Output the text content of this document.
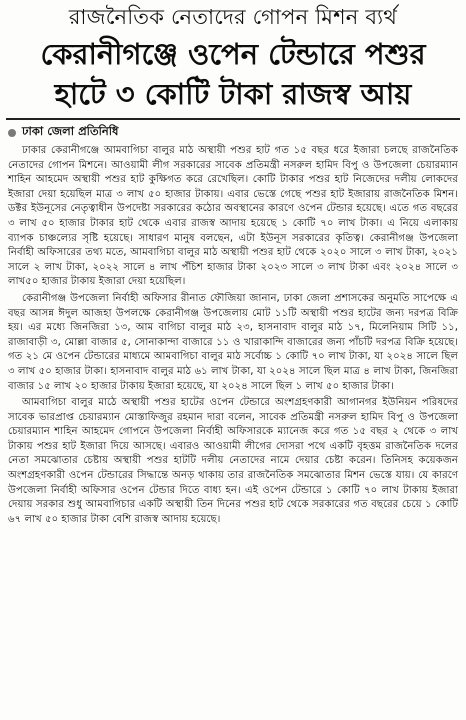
রাজনৈতিক নেতাদের গোপন মিশন ব্যর্থ
কেরানীগঞ্জে ওপেন টেন্ডারে পশুর
হাটে ৩ কোটি টাকা রাজস্ব আয়
ঢাকা জেলা প্রতিনিধি

ঢাকার কেরানীগঞ্জে আমবাগিচা বালুর মাঠ অস্থায়ী পশুর হাট গত ১৫ বছর ধরে ইজারা চলছে রাজনৈতিক নেতাদের গোপন মিশনে। আওয়ামী লীগ সরকারের সাবেক প্রতিমন্ত্রী নসরুল হামিদ বিপু ও উপজেলা চেয়ারম্যান শাহিন আহমেদ অস্থায়ী পশুর হাট কুক্ষিগত করে রেখেছিল। কোটি টাকার পশুর হাট নিজেদের দলীয় লোকদের ইজারা দেয়া হয়েছিল মাত্র ৩ লাখ ৫০ হাজার টাকায়। এবার ভেস্তে গেছে পশুর হাট ইজারায় রাজনৈতিক মিশন। ডক্টর ইউনূসের নেতৃত্বাধীন উপদেষ্টা সরকারের কঠোর অবস্থানের কারণে ওপেন টেন্ডার হয়েছে। এতে গত বছরের ৩ লাখ ৫০ হাজার টাকার হাট থেকে এবার রাজস্ব আদায় হয়েছে ১ কোটি ৭০ লাখ টাকা। এ নিয়ে এলাকায় ব্যাপক চাঞ্চল্যের সৃষ্টি হয়েছে। সাধারণ মানুষ বলছেন, এটা ইউনূস সরকারের কৃতিত্ব। কেরানীগঞ্জ উপজেলা নির্বাহী অফিসারের তথ্য মতে, আমবাগিচা বালুর মাঠ অস্থায়ী পশুর হাট থেকে ২০২০ সালে ৩ লাখ টাকা, ২০২১ সালে ২ লাখ টাকা, ২০২২ সালে ৪ লাখ পঁচিশ হাজার টাকা ২০২৩ সালে ৩ লাখ টাকা এবং ২০২৪ সালে ৩ লাখ৫০ হাজার টাকায় ইজারা দেয়া হয়েছিল।

কেরানীগঞ্জ উপজেলা নির্বাহী অফিসার রীনাত ফৌজিয়া জানান, ঢাকা জেলা প্রশাসকের অনুমতি সাপেক্ষে এ বছর আসন্ন ঈদুল আজহা উপলক্ষে কেরানীগঞ্জ উপজেলায় মোট ১১টি অস্থায়ী পশুর হাটের জন্য দরপত্র বিক্রি হয়। এর মধ্যে জিনজিরা ১৩, আম বাগিচা বালুর মাঠ ২৩, হাসনাবাদ বালুর মাঠ ১৭, মিলেনিয়াম সিটি ১১, রাজাবাড়ী ৩, মোল্লা বাজার ৫, সোনাকান্দা বাজারে ১১ ও খারাকান্দি বাজারের জন্য পাঁচটি দরপত্র বিক্রি হয়েছে। গত ২১ মে ওপেন টেন্ডারের মাধ্যমে আমবাগিচা বালুর মাঠ সর্বোচ্চ ১ কোটি ৭০ লাখ টাকা, যা ২০২৪ সালে ছিল ৩ লাখ ৫০ হাজার টাকা। হাসনাবাদ বালুর মাঠ ৬১ লাখ টাকা, যা ২০২৪ সালে ছিল মাত্র ৪ লাখ টাকা, জিনজিরা বাজার ১৫ লাখ ২০ হাজার টাকায় ইজারা হয়েছে, যা ২০২৪ সালে ছিল ১ লাখ ৫০ হাজার টাকা।

আমবাগিচা বালুর মাঠে অস্থায়ী পশুর হাটের ওপেন টেন্ডারে অংশগ্রহণকারী আগানগর ইউনিয়ন পরিষদের সাবেক ভারপ্রাপ্ত চেয়ারম্যান মোস্তাফিজুর রহমান দারা বলেন, সাবেক প্রতিমন্ত্রী নসরুল হামিদ বিপু ও উপজেলা চেয়ারম্যান শাহিন আহমেদ গোপনে উপজেলা নির্বাহী অফিসারকে ম্যানেজ করে গত ১৫ বছর ২ থেকে ৩ লাখ টাকায় পশুর হাট ইজারা দিয়ে আসছে। এবারও আওয়ামী লীগের দোসরা পথে একটি বৃহত্তম রাজনৈতিক দলের নেতা সমঝোতার চেষ্টায় অস্থায়ী পশুর হাটটি দলীয় নেতাদের নামে দেয়ার চেষ্টা করেন। তিনিসহ কয়েকজন অংশগ্রহণকারী ওপেন টেন্ডারের সিদ্ধান্তে অনড় থাকায় তার রাজনৈতিক সমঝোতার মিশন ভেস্তে যায়। যে কারণে উপজেলা নির্বাহী অফিসার ওপেন টেন্ডার দিতে বাধ্য হন। এই ওপেন টেন্ডারে ১ কোটি ৭০ লাখ টাকায় ইজারা দেয়ায় সরকার শুধু আমবাগিচার একটি অস্থায়ী তিন দিনের পশুর হাট থেকে সরকারের গত বছরের চেয়ে ১ কোটি ৬৭ লাখ ৫০ হাজার টাকা বেশি রাজস্ব আদায় হয়েছে।
